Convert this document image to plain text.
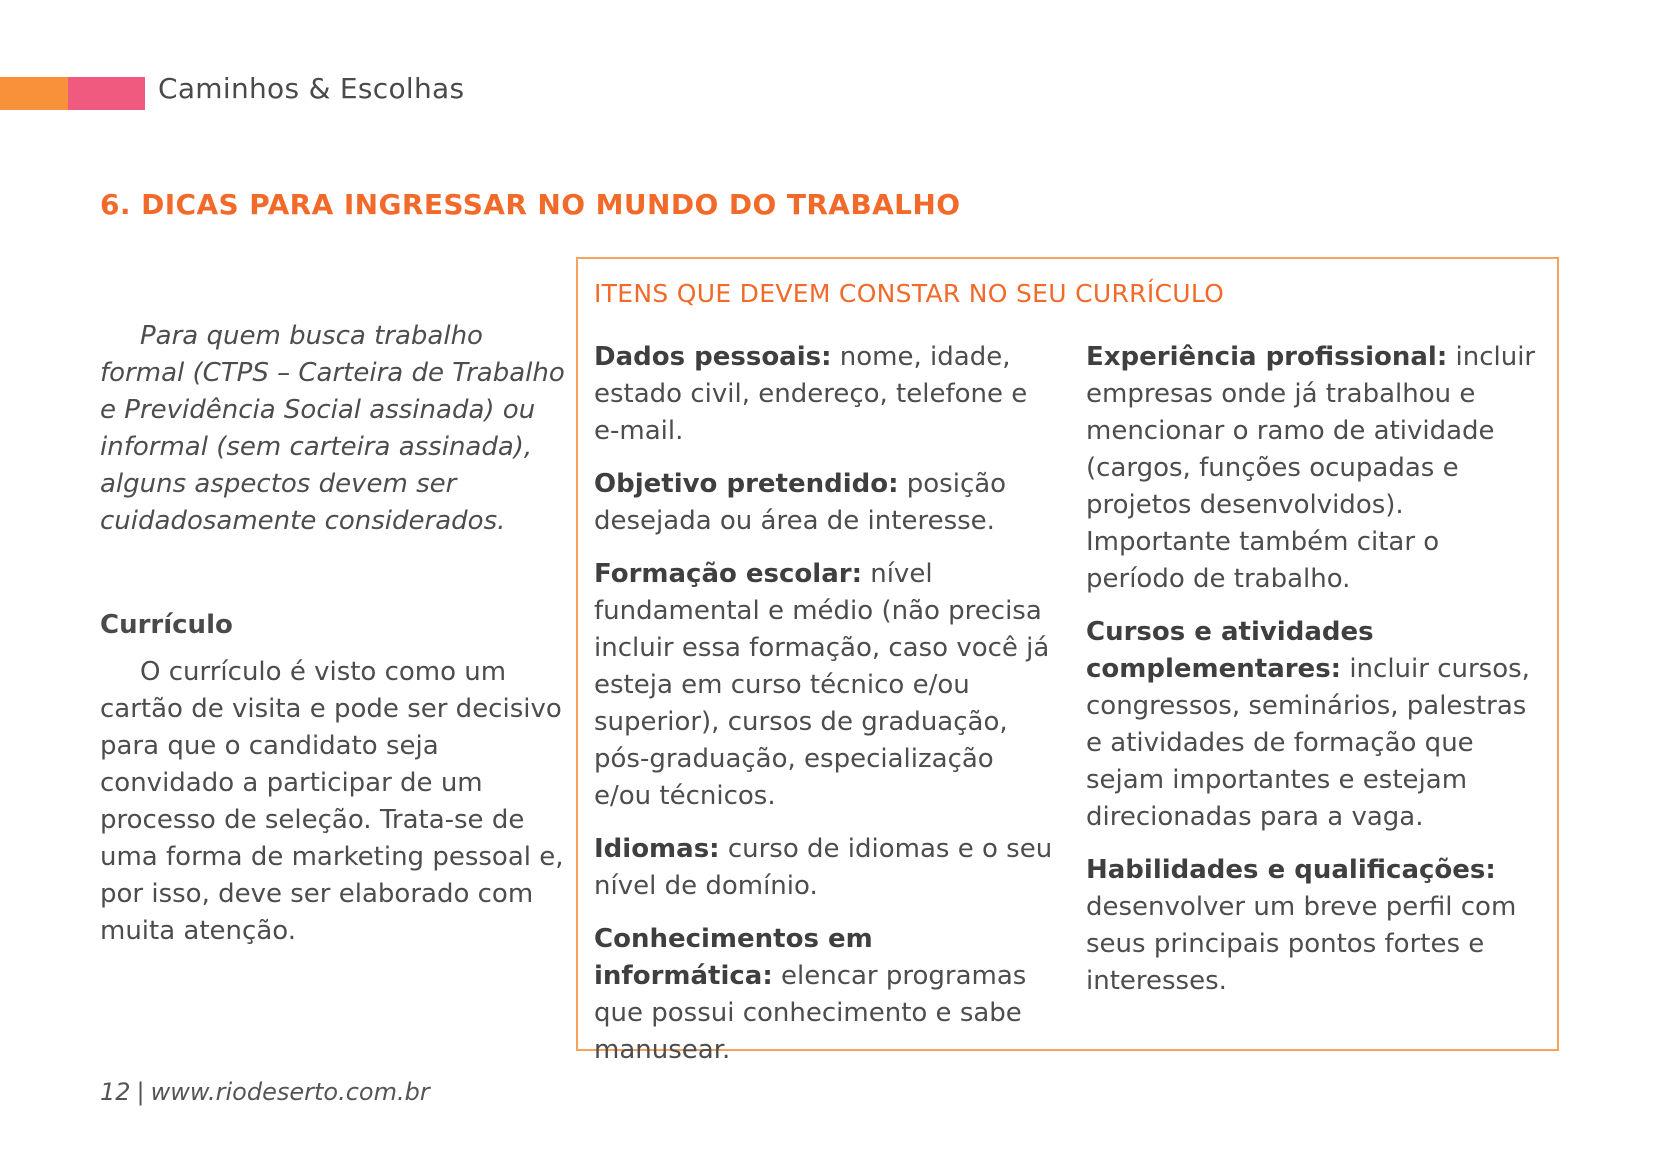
Caminhos & Escolhas
6. DICAS PARA INGRESSAR NO MUNDO DO TRABALHO

Para quem busca trabalho formal (CTPS – Carteira de Trabalho e Previdência Social assinada) ou informal (sem carteira assinada), alguns aspectos devem ser cuidadosamente considerados.

Currículo

O currículo é visto como um cartão de visita e pode ser decisivo para que o candidato seja convidado a participar de um processo de seleção. Trata-se de uma forma de marketing pessoal e, por isso, deve ser elaborado com muita atenção.

ITENS QUE DEVEM CONSTAR NO SEU CURRÍCULO

Dados pessoais: nome, idade, estado civil, endereço, telefone e e-mail.

Objetivo pretendido: posição desejada ou área de interesse.

Formação escolar: nível fundamental e médio (não precisa incluir essa formação, caso você já esteja em curso técnico e/ou superior), cursos de graduação, pós-graduação, especialização e/ou técnicos.

Idiomas: curso de idiomas e o seu nível de domínio.

Conhecimentos em informática: elencar programas que possui conhecimento e sabe manusear.

Experiência profissional: incluir empresas onde já trabalhou e mencionar o ramo de atividade (cargos, funções ocupadas e projetos desenvolvidos). Importante também citar o período de trabalho.

Cursos e atividades complementares: incluir cursos, congressos, seminários, palestras e atividades de formação que sejam importantes e estejam direcionadas para a vaga.

Habilidades e qualificações: desenvolver um breve perfil com seus principais pontos fortes e interesses.

12 | www.riodeserto.com.br
